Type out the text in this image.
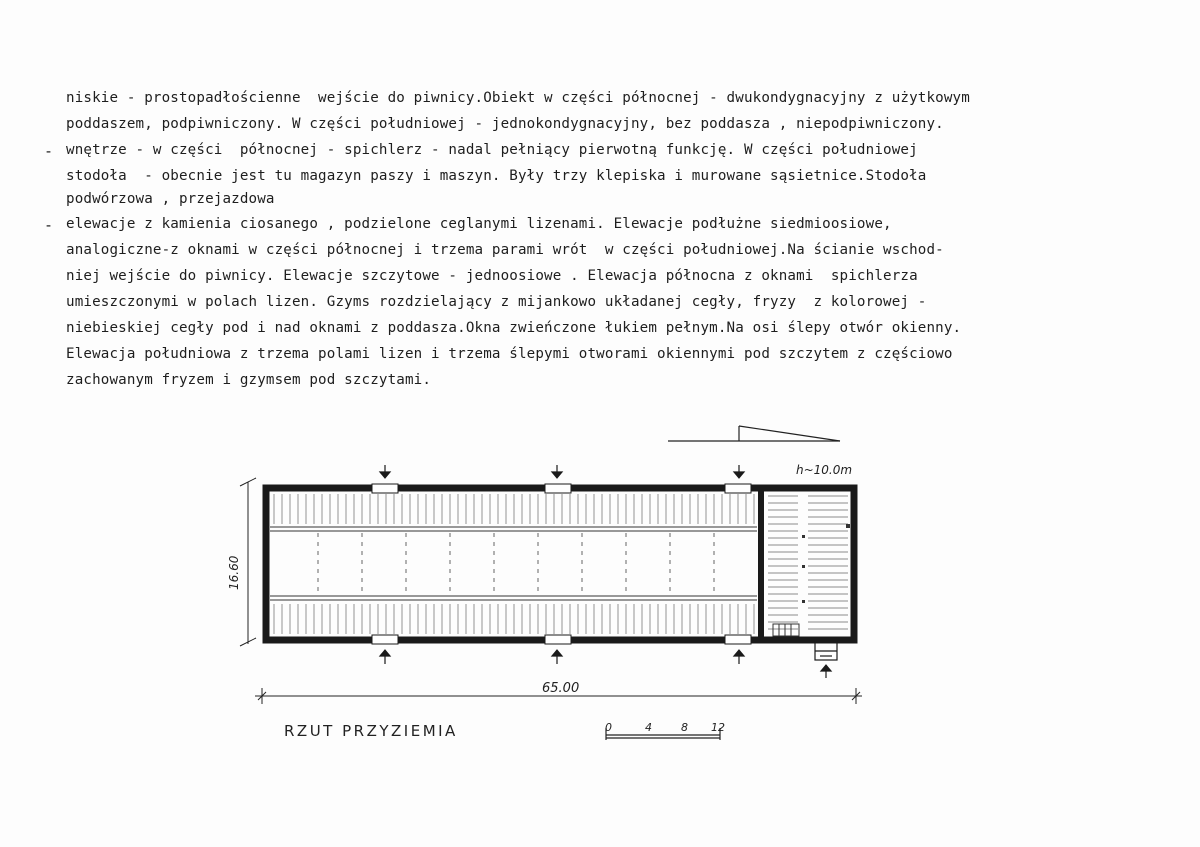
-
-
niskie - prostopadłościenne  wejście do piwnicy.Obiekt w części północnej - dwukondygnacyjny z użytkowym
poddaszem, podpiwniczony. W części południowej - jednokondygnacyjny, bez poddasza , niepodpiwniczony.
wnętrze - w części  północnej - spichlerz - nadal pełniący pierwotną funkcję. W części południowej
stodoła  - obecnie jest tu magazyn paszy i maszyn. Były trzy klepiska i murowane sąsietnice.Stodoła
podwórzowa , przejazdowa
elewacje z kamienia ciosanego , podzielone ceglanymi lizenami. Elewacje podłużne siedmioosiowe,
analogiczne-z oknami w części północnej i trzema parami wrót  w części południowej.Na ścianie wschod-
niej wejście do piwnicy. Elewacje szczytowe - jednoosiowe . Elewacja północna z oknami  spichlerza
umieszczonymi w polach lizen. Gzyms rozdzielający z mijankowo układanej cegły, fryzy  z kolorowej -
niebieskiej cegły pod i nad oknami z poddasza.Okna zwieńczone łukiem pełnym.Na osi ślepy otwór okienny.
Elewacja południowa z trzema polami lizen i trzema ślepymi otworami okiennymi pod szczytem z częściowo
zachowanym fryzem i gzymsem pod szczytami.
h~10.0m
16.60
65.00
RZUT PRZYZIEMIA	0	4	8 12
